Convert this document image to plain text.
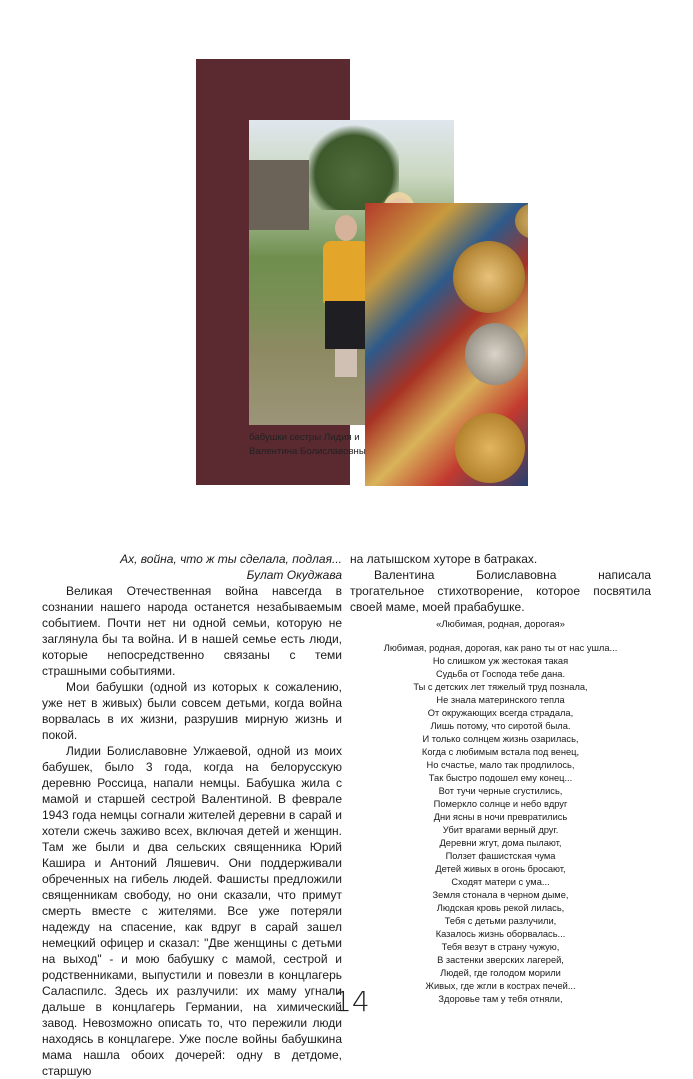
бабушки сестры Лидия и
Валентина Болиславовны

Ах, война, что ж ты сделала, подлая...

Булат Окуджава

Великая Отечественная война навсегда в сознании нашего народа останется незабываемым событием. Почти нет ни одной семьи, которую не заглянула бы та война. И в нашей семье есть люди, которые непосредственно связаны с теми страшными событиями.

Мои бабушки (одной из которых к сожалению, уже нет в живых) были совсем детьми, когда война ворвалась в их жизни, разрушив мирную жизнь и покой.

Лидии Болиславовне Улжаевой, одной из моих бабушек, было 3 года, когда на белорусскую деревню Россица, напали немцы. Бабушка жила с мамой и старшей сестрой Валентиной. В феврале 1943 года немцы согнали жителей деревни в сарай и хотели сжечь заживо всех, включая детей и женщин. Там же были и два сельских священника Юрий Каширa и Антоний Ляшевич. Они поддерживали обреченных на гибель людей. Фашисты предложили священникам свободу, но они сказали, что примут смерть вместе с жителями. Все уже потеряли надежду на спасение, как вдруг в сарай зашел немецкий офицер и сказал: "Две женщины с детьми на выход" - и мою бабушку с мамой, сестрой и родственниками, выпустили и повезли в концлагерь Саласпилс. Здесь их разлучили: их маму угнали дальше в концлагерь Германии, на химический завод. Невозможно описать то, что пережили люди находясь в концлагере. Уже после войны бабушкина мама нашла обоих дочерей: одну в детдоме, старшую

на латышском хуторе в батраках.

Валентина Болиславовна написала трогательное стихотворение, которое посвятила своей маме, моей прабабушке.

«Любимая, родная, дорогая»

Любимая, родная, дорогая, как рано ты от нас ушла...
Но слишком уж жестокая такая
Судьба от Господа тебе дана.
Ты с детских лет тяжелый труд познала,
Не знала материнского тепла
От окружающих всегда страдала,
Лишь потому, что сиротой была.
И только солнцем жизнь озарилась,
Когда с любимым встала под венец,
Но счастье, мало так продлилось,
Так быстро подошел ему конец...
Вот тучи черные сгустились,
Померкло солнце и небо вдруг
Дни ясны в ночи превратились
Убит врагами верный друг.
Деревни жгут, дома пылают,
Ползет фашистская чума
Детей живых в огонь бросают,
Сходят матери с ума...
Земля стонала в черном дыме,
Людская кровь рекой лилась,
Тебя с детьми разлучили,
Казалось жизнь оборвалась...
Тебя везут в страну чужую,
В застенки зверских лагерей,
Людей, где голодом морили
Живых, где жгли в кострах печей...
Здоровье там у тебя отняли,
14
